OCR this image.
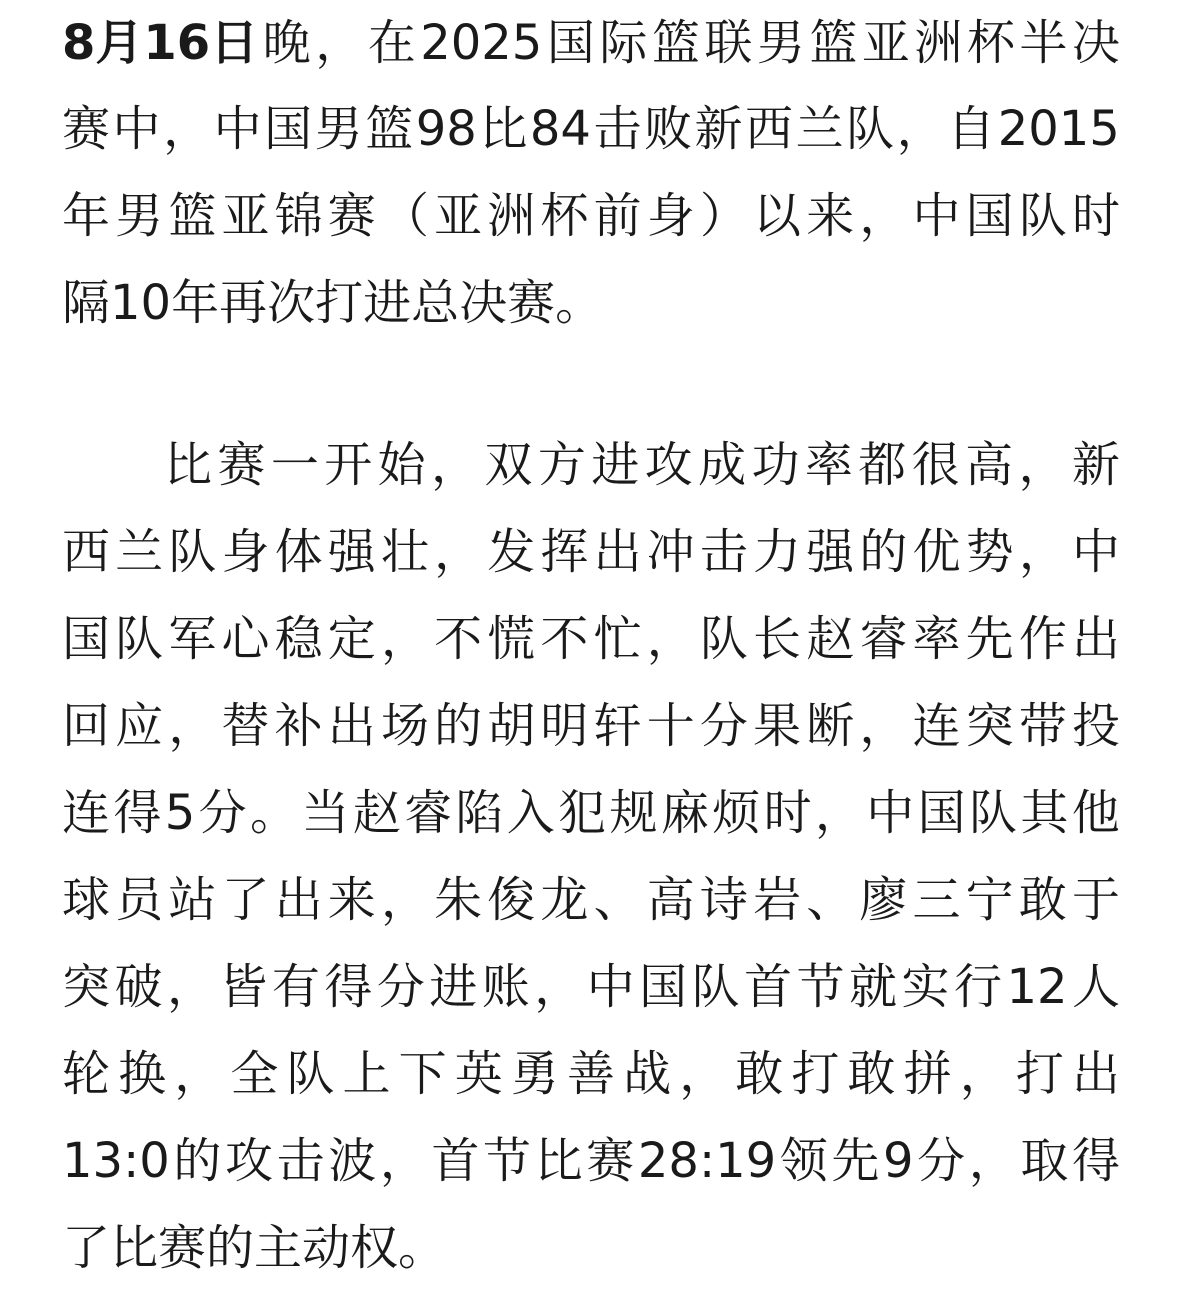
8月16日 晚 ， 在 2025 国 际 篮 联 男 篮 亚 洲 杯 半 决
赛 中 ， 中 国 男 篮 98 比 84 击 败 新 西 兰 队 ， 自 2015
年 男 篮 亚 锦 赛 （ 亚 洲 杯 前 身 ） 以 来 ， 中 国 队 时
隔10年再次打进总决赛。
比 赛 一 开 始 ， 双 方 进 攻 成 功 率 都 很 高 ， 新
西 兰 队 身 体 强 壮 ， 发 挥 出 冲 击 力 强 的 优 势 ， 中
国 队 军 心 稳 定 ， 不 慌 不 忙 ， 队 长 赵 睿 率 先 作 出
回 应 ， 替 补 出 场 的 胡 明 轩 十 分 果 断 ， 连 突 带 投
连 得 5 分 。 当 赵 睿 陷 入 犯 规 麻 烦 时 ， 中 国 队 其 他
球 员 站 了 出 来 ， 朱 俊 龙 、 高 诗 岩 、 廖 三 宁 敢 于
突 破 ， 皆 有 得 分 进 账 ， 中 国 队 首 节 就 实 行 12 人
轮 换 ， 全 队 上 下 英 勇 善 战 ， 敢 打 敢 拼 ， 打 出
13:0 的 攻 击 波 ， 首 节 比 赛 28:19 领 先 9 分 ， 取 得
了比赛的主动权。
